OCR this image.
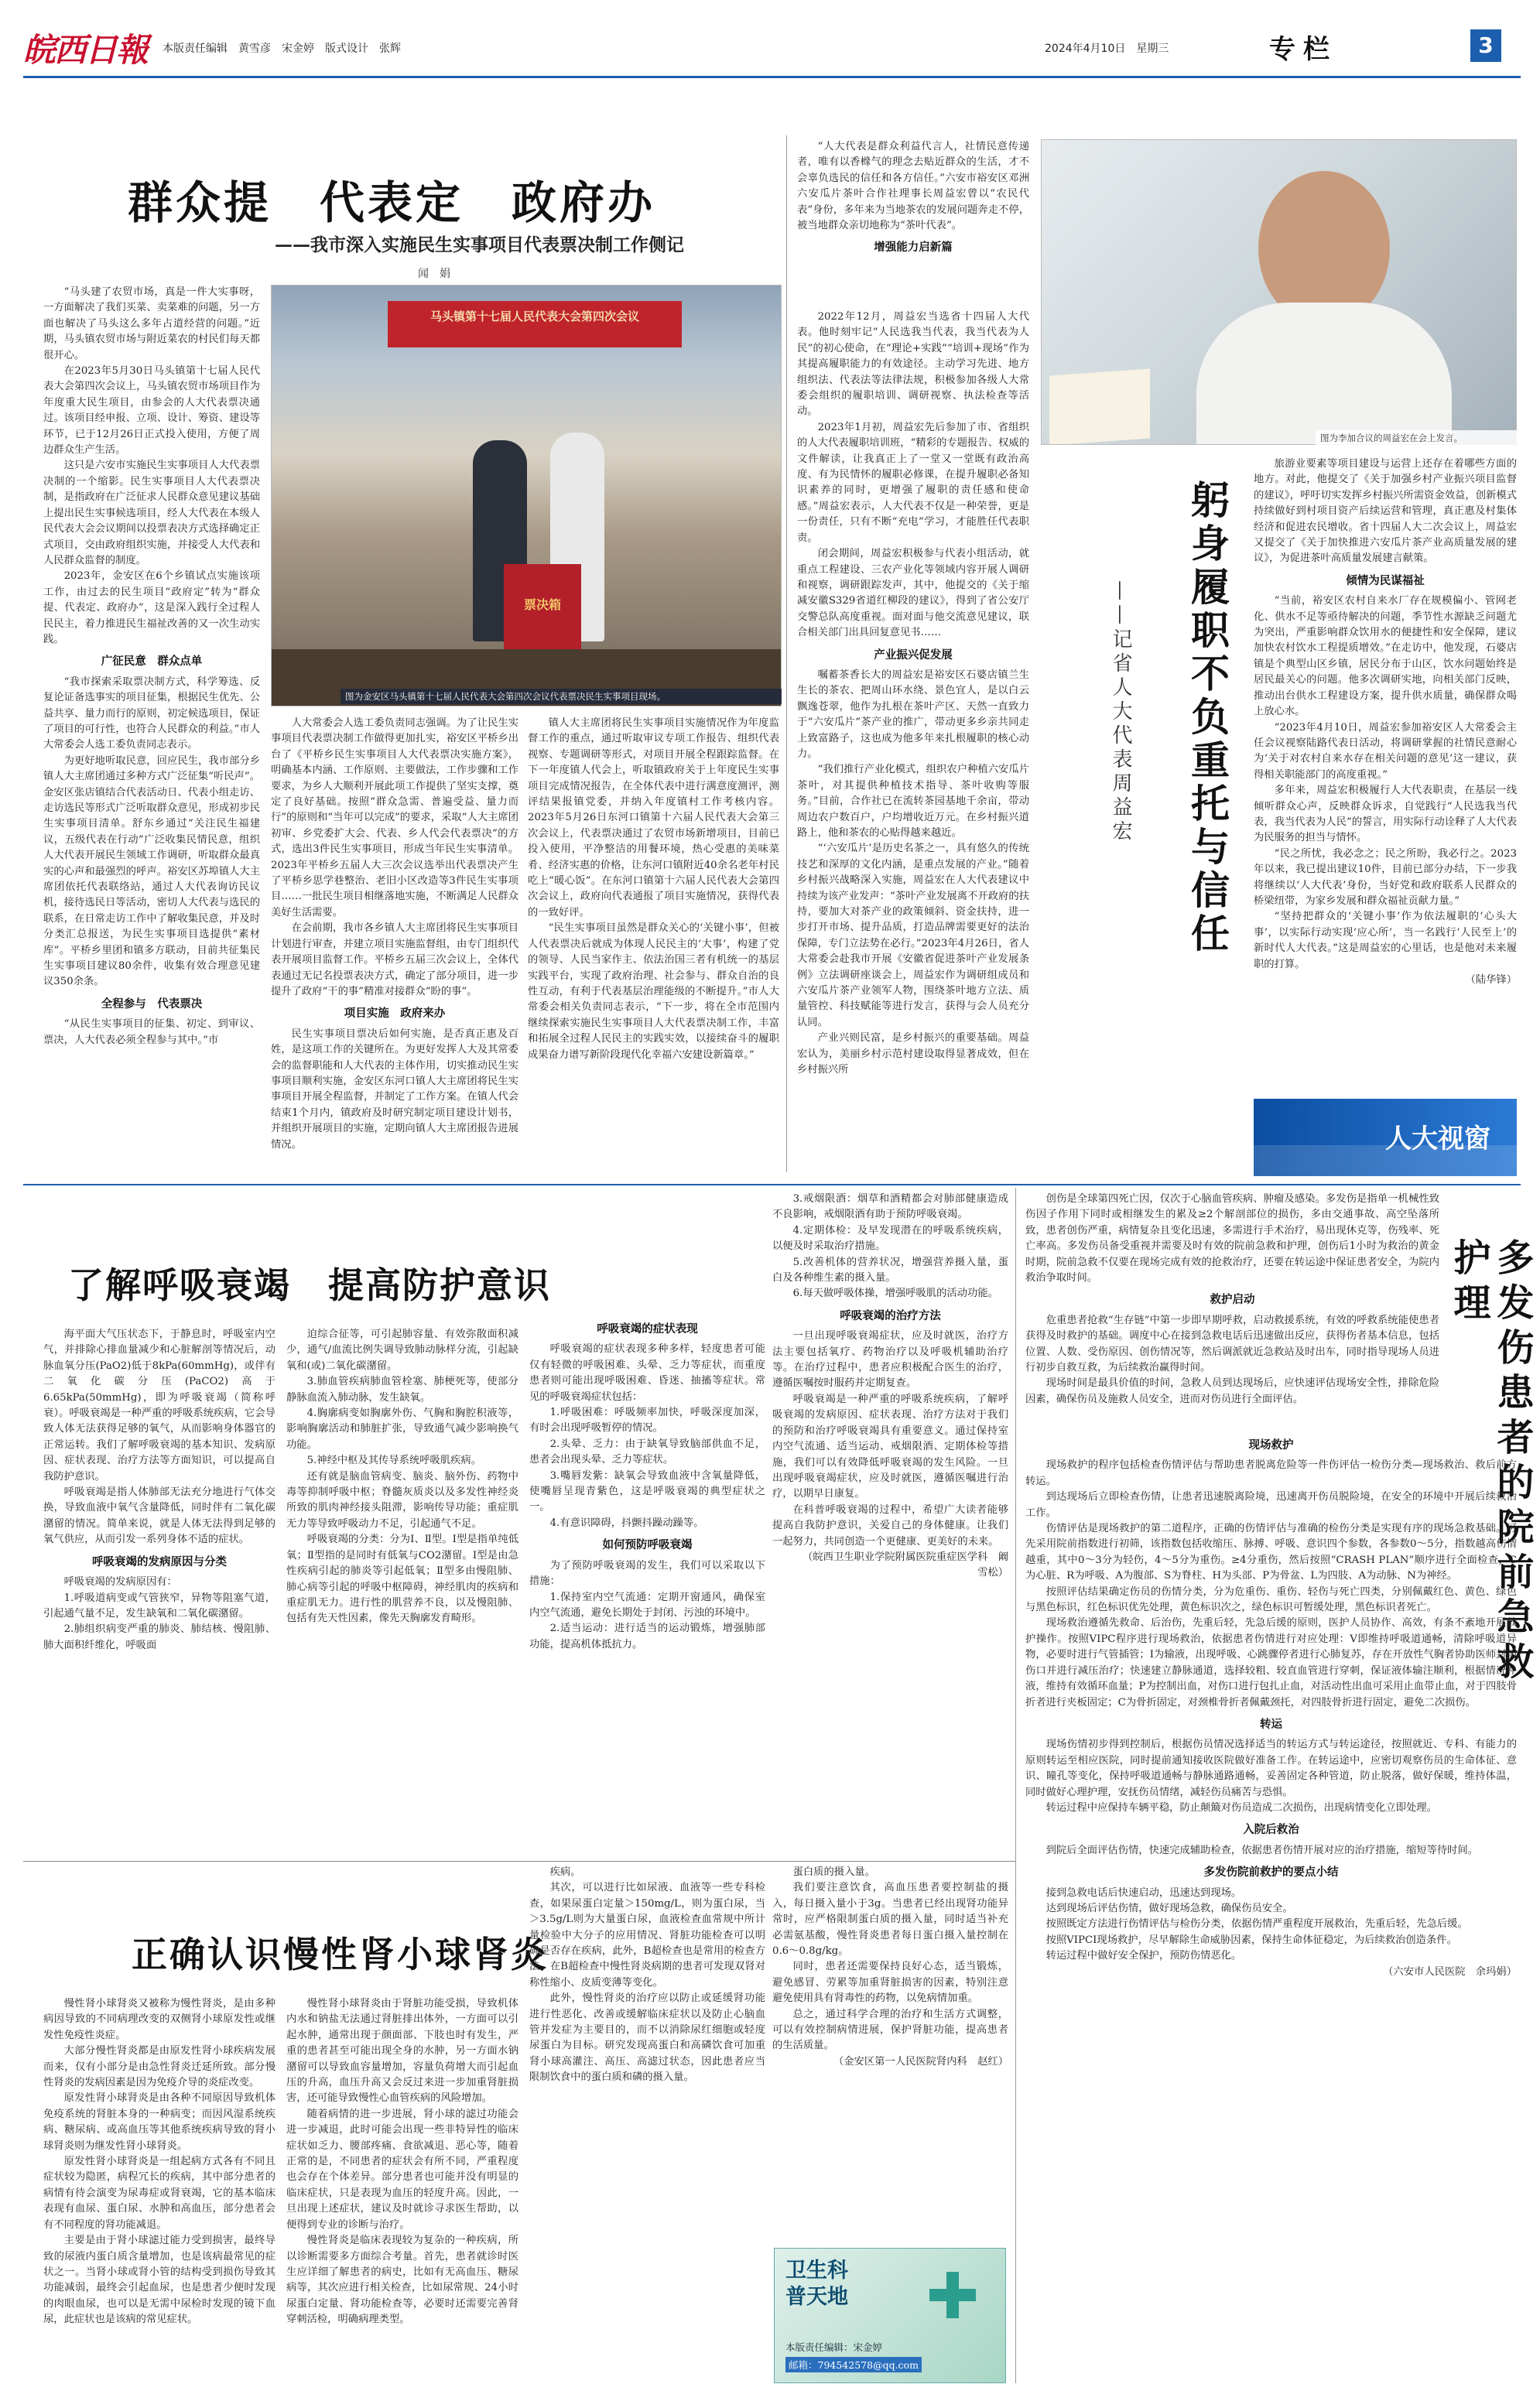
皖西日報 本版责任编辑　黄雪彦　宋金婷　版式设计　张辉	2024年4月10日　星期三	专栏	3
群众提　代表定　政府办
——我市深入实施民生实事项目代表票决制工作侧记
闻　娟

“马头建了农贸市场，真是一件大实事呀，一方面解决了我们买菜、卖菜难的问题，另一方面也解决了马头这么多年占道经营的问题。”近期，马头镇农贸市场与附近菜农的村民们每天都很开心。

在2023年5月30日马头镇第十七届人民代表大会第四次会议上，马头镇农贸市场项目作为年度重大民生项目，由参会的人大代表票决通过。该项目经申报、立项、设计、筹资、建设等环节，已于12月26日正式投入使用，方便了周边群众生产生活。

这只是六安市实施民生实事项目人大代表票决制的一个缩影。民生实事项目人大代表票决制，是指政府在广泛征求人民群众意见建议基础上提出民生实事候选项目，经人大代表在本级人民代表大会会议期间以投票表决方式选择确定正式项目，交由政府组织实施，并接受人大代表和人民群众监督的制度。

2023年，金安区在6个乡镇试点实施该项工作，由过去的民生项目“政府定”转为“群众提、代表定、政府办”，这是深入践行全过程人民民主，着力推进民生福祉改善的又一次生动实践。

广征民意　群众点单

“我市探索采取票决制方式，科学筹选、反复论证备选事实的项目征集，根据民生优先、公益共享、量力而行的原则，初定候选项目，保证了项目的可行性，也符合人民群众的利益。”市人大常委会人选工委负责同志表示。

为更好地听取民意，回应民生，我市部分乡镇人大主席团通过多种方式广泛征集“听民声”。金安区张店镇结合代表活动日、代表小组走访、走访选民等形式广泛听取群众意见，形成初步民生实事项目清单。舒东乡通过“关注民生福建议，五级代表在行动”广泛收集民情民意，组织人大代表开展民生领域工作调研，听取群众最真实的心声和最强烈的呼声。裕安区苏埠镇人大主席团依托代表联络站，通过人大代表询访民议机，接待选民日等活动，密切人大代表与选民的联系，在日常走访工作中了解收集民意，并及时分类汇总报送，为民生实事项目选提供“素材库”。平桥乡里团和镇多方联动，目前共征集民生实事项目建议80余件，收集有效合理意见建议350余条。

全程参与　代表票决

“从民生实事项目的征集、初定、到审议、票决，人大代表必须全程参与其中。”市

马头镇第十七届人民代表大会第四次会议
票决箱
图为金安区马头镇第十七届人民代表大会第四次会议代表票决民生实事项目现场。

人大常委会人选工委负责同志强调。为了让民生实事项目代表票决制工作做得更加扎实，裕安区平桥乡出台了《平桥乡民生实事项目人大代表票决实施方案》，明确基本内涵、工作原则、主要做法，工作步骤和工作要求，为乡人大顺利开展此项工作提供了坚实支撑，奠定了良好基础。按照“群众急需、普遍受益、量力而行”的原则和“当年可以完成”的要求，采取“人大主席团初审、乡党委扩大会、代表、乡人代会代表票决”的方式，选出3件民生实事项目，形成当年民生实事清单。2023年平桥乡五届人大三次会议选举出代表票决产生了平桥乡思学巷整治、老旧小区改造等3件民生实事项目……一批民生项目相继落地实施，不断满足人民群众美好生活需要。

在会前期，我市各乡镇人大主席团将民生实事项目计划进行审查，并建立项目实施监督组，由专门组织代表开展项目监督工作。平桥乡五届三次会议上，全体代表通过无记名投票表决方式，确定了部分项目，进一步提升了政府“干的事”精准对接群众“盼的事”。

项目实施　政府来办

民生实事项目票决后如何实施，是否真正惠及百姓，是这项工作的关键所在。为更好发挥人大及其常委会的监督职能和人大代表的主体作用，切实推动民生实事项目顺利实施，金安区东河口镇人大主席团将民生实事项目开展全程监督，并制定了工作方案。在镇人代会结束1个月内，镇政府及时研究制定项目建设计划书，并组织开展项目的实施，定期向镇人大主席团报告进展情况。

镇人大主席团将民生实事项目实施情况作为年度监督工作的重点，通过听取审议专项工作报告、组织代表视察、专题调研等形式，对项目开展全程跟踪监督。在下一年度镇人代会上，听取镇政府关于上年度民生实事项目完成情况报告，在全体代表中进行满意度测评，测评结果报镇党委，并纳入年度镇村工作考核内容。2023年5月26日东河口镇第十六届人民代表大会第三次会议上，代表票决通过了农贸市场新增项目，目前已投入使用，平净整洁的用餐环境，热心受惠的美味菜肴、经济实惠的价格，让东河口镇附近40余名老年村民吃上“暖心饭”。在东河口镇第十六届人民代表大会第四次会议上，政府向代表通报了项目实施情况，获得代表的一致好评。

“民生实事项目虽然是群众关心的‘关键小事’，但被人代表票决后就成为体现人民民主的‘大事’，构建了党的领导、人民当家作主、依法治国三者有机统一的基层实践平台，实现了政府治理、社会参与、群众自治的良性互动，有利于代表基层治理能级的不断提升。”市人大常委会相关负责同志表示，“下一步，将在全市范围内继续探索实施民生实事项目人大代表票决制工作，丰富和拓展全过程人民民主的实践实效，以接续奋斗的履职成果奋力谱写新阶段现代化幸福六安建设新篇章。”

“人大代表是群众利益代言人，社情民意传递者，唯有以香橼气的理念去贴近群众的生活，才不会辜负选民的信任和各方信任。”六安市裕安区邓洲六安瓜片茶叶合作社理事长周益宏曾以“农民代表”身份，多年来为当地茶农的发展问题奔走不停，被当地群众亲切地称为“茶叶代表”。

增强能力启新篇

2022年12月，周益宏当选省十四届人大代表。他时刻牢记“人民选我当代表，我当代表为人民”的初心使命，在“理论+实践”“培训+现场”作为其提高履职能力的有效途径。主动学习先进、地方组织法、代表法等法律法规，积极参加各级人大常委会组织的履职培训、调研视察、执法检查等活动。

2023年1月初，周益宏先后参加了市、省组织的人大代表履职培训班，“精彩的专题报告、权威的文件解读，让我真正上了一堂又一堂既有政治高度、有为民情怀的履职必修课，在提升履职必备知识素养的同时，更增强了履职的责任感和使命感。”周益宏表示，人大代表不仅是一种荣誉，更是一份责任，只有不断“充电”学习，才能胜任代表职责。

闭会期间，周益宏积极参与代表小组活动，就重点工程建设、三农产业化等领域内容开展人调研和视察，调研跟踪发声，其中，他提交的《关于缩减安徽S329省道红柳段的建议》，得到了省公安厅交警总队高度重视。面对面与他交流意见建议，联合相关部门出具回复意见书……

产业振兴促发展

嘱蓄茶香长大的周益宏是裕安区石婆店镇兰生生长的茶农、把周山环水绕、景色宜人，是以白云飘逸苍翠，他作为扎根在茶叶产区、天然一直致力于“六安瓜片”茶产业的推广，带动更多乡亲共同走上致富路子，这也成为他多年来扎根履职的核心动力。

“我们推行产业化模式，组织农户种植六安瓜片茶叶，对其提供种植技术指导、茶叶收购等服务。”目前，合作社已在流转茶园基地千余亩，带动周边农户数百户，户均增收近万元。在乡村振兴道路上，他和茶农的心贴得越来越近。

“‘六安瓜片’是历史名茶之一，具有悠久的传统技艺和深厚的文化内涵，是重点发展的产业。”随着乡村振兴战略深入实施，周益宏在人大代表建议中持续为该产业发声：“茶叶产业发展离不开政府的扶持，要加大对茶产业的政策倾斜、资金扶持，进一步打开市场、提升品质，打造品牌需要更好的法治保障，专门立法势在必行。”2023年4月26日，省人大常委会赴我市开展《安徽省促进茶叶产业发展条例》立法调研座谈会上，周益宏作为调研组成员和六安瓜片茶产业领军人物，围绕茶叶地方立法、质量管控、科技赋能等进行发言，获得与会人员充分认同。

产业兴则民富，是乡村振兴的重要基础。周益宏认为，美丽乡村示范村建设取得显著成效，但在乡村振兴所

图为李加合议的周益宏在会上发言。
躬身履职不负重托与信任
——记省人大代表周益宏

旅游业要素等项目建设与运营上还存在着哪些方面的地方。对此，他提交了《关于加强乡村产业振兴项目监督的建议》，呼吁切实发挥乡村振兴所需资金效益，创新模式持续做好到村项目资产后续运营和管理，真正惠及村集体经济和促进农民增收。省十四届人大二次会议上，周益宏又提交了《关于加快推进六安瓜片茶产业高质量发展的建议》，为促进茶叶高质量发展建言献策。

倾情为民谋福祉

“当前，裕安区农村自来水厂存在规模偏小、管网老化、供水不足等亟待解决的问题，季节性水源缺乏问题尤为突出，严重影响群众饮用水的便捷性和安全保障，建议加快农村饮水工程提质增效。”在走访中，他发现，石婆店镇是个典型山区乡镇，居民分布于山区，饮水问题始终是居民最关心的问题。他多次调研实地，向相关部门反映，推动出台供水工程建设方案，提升供水质量，确保群众喝上放心水。

“2023年4月10日，周益宏参加裕安区人大常委会主任会议视察陆路代表日活动，将调研掌握的社情民意耐心为‘关于对农村自来水存在相关问题的意见’这一建议，获得相关职能部门的高度重视。”

多年来，周益宏积极履行人大代表职责，在基层一线倾听群众心声，反映群众诉求，自觉践行“人民选我当代表，我当代表为人民”的誓言，用实际行动诠释了人大代表为民服务的担当与情怀。

“民之所忧，我必念之；民之所盼，我必行之。2023年以来，我已提出建议10件，目前已部分办结，下一步我将继续以‘人大代表’身份，当好党和政府联系人民群众的桥梁纽带，为家乡发展和群众福祉贡献力量。”

“坚持把群众的‘关键小事’作为依法履职的‘心头大事’，以实际行动实现‘应心所’，当一名践行‘人民至上’的新时代人大代表。”这是周益宏的心里话，也是他对未来履职的打算。

（陆华锋）

人大视窗
了解呼吸衰竭　提高防护意识

海平面大气压状态下，于静息时，呼吸室内空气，并排除心排血量减少和心脏解剖等情况后，动脉血氧分压(PaO2)低于8kPa(60mmHg)，或伴有二氧化碳分压(PaCO2)高于6.65kPa(50mmHg)，即为呼吸衰竭（简称呼衰）。呼吸衰竭是一种严重的呼吸系统疾病，它会导致人体无法获得足够的氧气，从而影响身体器官的正常运转。我们了解呼吸衰竭的基本知识、发病原因、症状表现、治疗方法等方面知识，可以提高自我防护意识。

呼吸衰竭是指人体肺部无法充分地进行气体交换，导致血液中氧气含量降低，同时伴有二氧化碳潴留的情况。简单来说，就是人体无法得到足够的氧气供应，从而引发一系列身体不适的症状。

呼吸衰竭的发病原因与分类

呼吸衰竭的发病原因有：

1.呼吸道病变或气管狭窄，异物等阻塞气道，引起通气量不足，发生缺氧和二氧化碳潴留。

2.肺组织病变严重的肺炎、肺结核、慢阻肺、肺大面积纤维化，呼吸面

迫综合征等，可引起肺容量、有效弥散面积减少，通气/血流比例失调导致肺动脉样分流，引起缺氧和(或)二氧化碳潴留。

3.肺血管疾病肺血管栓塞、肺梗死等，使部分静脉血流入肺动脉，发生缺氧。

4.胸廓病变如胸廓外伤、气胸和胸腔积液等，影响胸廓活动和肺脏扩张，导致通气减少影响换气功能。

5.神经中枢及其传导系统呼吸肌疾病。

还有就是脑血管病变、脑炎、脑外伤、药物中毒等抑制呼吸中枢；脊髓灰质炎以及多发性神经炎所致的肌肉神经接头阻滞，影响传导功能；重症肌无力等导致呼吸动力不足，引起通气不足。

呼吸衰竭的分类：分为Ⅰ、Ⅱ型。Ⅰ型是指单纯低氧；Ⅱ型指的是同时有低氧与CO2潴留。Ⅰ型是由急性疾病引起的肺炎等引起低氧；Ⅱ型多由慢阻肺、肺心病等引起的呼吸中枢障碍，神经肌肉的疾病和重症肌无力。进行性的肌营养不良，以及慢阻肺、包括有先天性因素，像先天胸廓发育畸形。

呼吸衰竭的症状表现

呼吸衰竭的症状表现多种多样，轻度患者可能仅有轻微的呼吸困难、头晕、乏力等症状，而重度患者则可能出现呼吸困难、昏迷、抽搐等症状。常见的呼吸衰竭症状包括：

1.呼吸困难：呼吸频率加快，呼吸深度加深，有时会出现呼吸暂停的情况。

2.头晕、乏力：由于缺氧导致脑部供血不足，患者会出现头晕、乏力等症状。

3.嘴唇发紫：缺氧会导致血液中含氧量降低，使嘴唇呈现青紫色，这是呼吸衰竭的典型症状之一。

4.有意识障碍，抖颤抖躁动躁等。

如何预防呼吸衰竭

为了预防呼吸衰竭的发生，我们可以采取以下措施：

1.保持室内空气流通：定期开窗通风，确保室内空气流通，避免长期处于封闭、污浊的环境中。

2.适当运动：进行适当的运动锻炼，增强肺部功能，提高机体抵抗力。

3.戒烟限酒：烟草和酒精都会对肺部健康造成不良影响，戒烟限酒有助于预防呼吸衰竭。

4.定期体检：及早发现潜在的呼吸系统疾病，以便及时采取治疗措施。

5.改善机体的营养状况，增强营养摄入量，蛋白及各种维生素的摄入量。

6.每天做呼吸体操，增强呼吸肌的活动功能。

呼吸衰竭的治疗方法

一旦出现呼吸衰竭症状，应及时就医，治疗方法主要包括氧疗、药物治疗以及呼吸机辅助治疗等。在治疗过程中，患者应积极配合医生的治疗，遵循医嘱按时服药并定期复查。

呼吸衰竭是一种严重的呼吸系统疾病，了解呼吸衰竭的发病原因、症状表现、治疗方法对于我们的预防和治疗呼吸衰竭具有重要意义。通过保持室内空气流通、适当运动、戒烟限酒、定期体检等措施，我们可以有效降低呼吸衰竭的发生风险。一旦出现呼吸衰竭症状，应及时就医，遵循医嘱进行治疗，以期早日康复。

在科普呼吸衰竭的过程中，希望广大读者能够提高自我防护意识，关爱自己的身体健康。让我们一起努力，共同创造一个更健康、更美好的未来。

（皖西卫生职业学院附属医院重症医学科　阚雪松）

正确认识慢性肾小球肾炎

慢性肾小球肾炎又被称为慢性肾炎，是由多种病因导致的不同病理改变的双侧肾小球原发性或继发性免疫性炎症。

大部分慢性肾炎都是由原发性肾小球疾病发展而来，仅有小部分是由急性肾炎迁延所致。部分慢性肾炎的发病因素是因为免疫介导的炎症改变。

原发性肾小球肾炎是由各种不同原因导致机体免疫系统的肾脏本身的一种病变；而因风湿系统疾病、糖尿病、或高血压等其他系统疾病导致的肾小球肾炎则为继发性肾小球肾炎。

原发性肾小球肾炎是一组起病方式各有不同且症状较为隐匿，病程冗长的疾病，其中部分患者的病情有待会演变为尿毒症或肾衰竭，它的基本临床表现有血尿、蛋白尿、水肿和高血压，部分患者会有不同程度的肾功能减退。

主要是由于肾小球滤过能力受到损害，最终导致的尿液内蛋白质含量增加，也是该病最常见的症状之一。当肾小球或肾小管的结构受到损伤导致其功能减弱，最终会引起血尿，也是患者少便时发现的肉眼血尿，也可以是无需中尿检时发现的镜下血尿，此症状也是该病的常见症状。

慢性肾小球肾炎由于肾脏功能受损，导致机体内水和钠盐无法通过肾脏排出体外，一方面可以引起水肿，通常出现于颜面部、下肢也时有发生，严重的患者甚至可能出现全身的水肿，另一方面水钠潴留可以导致血容量增加，容量负荷增大而引起血压的升高，血压升高又会反过来进一步加重肾脏损害，还可能导致慢性心血管疾病的风险增加。

随着病情的进一步进展，肾小球的滤过功能会进一步减退，此时可能会出现一些非特异性的临床症状如乏力、腰部疼痛、食欲减退、恶心等，随着正常的是，不同患者的症状会有所不同，严重程度也会存在个体差异。部分患者也可能并没有明显的临床症状，只是表现为血压的轻度升高。因此，一旦出现上述症状，建议及时就诊寻求医生帮助，以便得到专业的诊断与治疗。

慢性肾炎是临床表现较为复杂的一种疾病，所以诊断需要多方面综合考量。首先，患者就诊时医生应详细了解患者的病史，比如有无高血压、糖尿病等，其次应进行相关检查，比如尿常规、24小时尿蛋白定量、肾功能检查等，必要时还需要完善肾穿刺活检，明确病理类型。

疾病。

其次，可以进行比如尿液、血液等一些专科检查，如果尿蛋白定量＞150mg/L，则为蛋白尿，当＞3.5g/L则为大量蛋白尿，血液检查血常规中所计量检验中大分子的应用情况、肾脏功能检查可以明确是否存在疾病，此外，B超检查也是常用的检查方法。在B超检查中慢性肾炎病期的患者可发现双肾对称性缩小、皮质变薄等变化。

此外，慢性肾炎的治疗应以防止或延缓肾功能进行性恶化、改善或缓解临床症状以及防止心脑血管并发症为主要目的，而不以消除尿红细胞或轻度尿蛋白为目标。研究发现高蛋白和高磷饮食可加重肾小球高灌注、高压、高滤过状态，因此患者应当限制饮食中的蛋白质和磷的摄入量。

蛋白质的摄入量。

我们要注意饮食，高血压患者要控制盐的摄入，每日摄入量小于3g。当患者已经出现肾功能异常时，应严格限制蛋白质的摄入量，同时适当补充必需氨基酸，慢性肾炎患者每日蛋白摄入量控制在0.6～0.8g/kg。

同时，患者还需要保持良好心态，适当锻炼，避免感冒、劳累等加重肾脏损害的因素，特别注意避免使用具有肾毒性的药物，以免病情加重。

总之，通过科学合理的治疗和生活方式调整，可以有效控制病情进展，保护肾脏功能，提高患者的生活质量。

（金安区第一人民医院肾内科　赵红）

卫生科普天地
本版责任编辑：宋金婷
邮箱：794542578@qq.com

创伤是全球第四死亡因，仅次于心脑血管疾病、肿瘤及感染。多发伤是指单一机械性致伤因子作用下同时或相继发生的累及≥2个解剖部位的损伤，多由交通事故、高空坠落所致，患者创伤严重，病情复杂且变化迅速，多需进行手术治疗，易出现休克等，伤残率、死亡率高。多发伤员备受重视并需要及时有效的院前急救和护理，创伤后1小时为救治的黄金时期，院前急救不仅要在现场完成有效的抢救治疗，还要在转运途中保证患者安全，为院内救治争取时间。

救护启动

危重患者抢救“生存链”中第一步即早期呼救，启动救援系统，有效的呼救系统能使患者获得及时救护的基础。调度中心在接到急救电话后迅速做出反应，获得伤者基本信息，包括位置、人数、受伤原因、创伤情况等，然后调派就近急救站及时出车，同时指导现场人员进行初步自救互救，为后续救治赢得时间。

现场时间是最具价值的时间，急救人员到达现场后，应快速评估现场安全性，排除危险因素，确保伤员及施救人员安全，进而对伤员进行全面评估。	多发伤患者的院前急救护理
现场救护

现场救护的程序包括检查伤情评估与帮助患者脱离危险等一件伤评估一检伤分类—现场救治、救后前方转运。

到达现场后立即检查伤情，让患者迅速脱离险境，迅速离开伤员脱险境，在安全的环境中开展后续救治工作。

伤情评估是现场救护的第二道程序，正确的伤情评估与准确的检伤分类是实现有序的现场急救基础。可先采用院前指数进行初筛，该指数包括收缩压、脉搏、呼吸、意识四个参数，各参数0～5分，指数越高伤情越重，其中0～3分为轻伤，4～5分为重伤。≥4分重伤，然后按照“CRASH PLAN”顺序进行全面检查，C为心脏、R为呼吸、A为腹部、S为脊柱、H为头部、P为骨盆、L为四肢、A为动脉、N为神经。

按照评估结果确定伤员的伤情分类，分为危重伤、重伤、轻伤与死亡四类，分别佩戴红色、黄色、绿色与黑色标识，红色标识优先处理，黄色标识次之，绿色标识可暂缓处理，黑色标识者死亡。

现场救治遵循先救命、后治伤，先重后轻，先急后缓的原则，医护人员协作、高效，有条不紊地开展救护操作。按照VIPC程序进行现场救治，依据患者伤情进行对应处理：V即维持呼吸道通畅，清除呼吸道异物，必要时进行气管插管；I为输液，出现呼吸、心跳骤停者进行心肺复苏，存在开放性气胸者协助医师封闭伤口并进行减压治疗；快速建立静脉通道，选择较粗、较直血管进行穿刺，保证液体输注顺利，根据情况补液，维持有效循环血量；P为控制出血，对伤口进行包扎止血，对活动性出血可采用止血带止血，对于四肢骨折者进行夹板固定；C为骨折固定，对颈椎骨折者佩戴颈托，对四肢骨折进行固定，避免二次损伤。

转运

现场伤情初步得到控制后，根据伤员情况选择适当的转运方式与转运途径，按照就近、专科、有能力的原则转运至相应医院，同时提前通知接收医院做好准备工作。在转运途中，应密切观察伤员的生命体征、意识、瞳孔等变化，保持呼吸道通畅与静脉通路通畅，妥善固定各种管道，防止脱落，做好保暖，维持体温，同时做好心理护理，安抚伤员情绪，减轻伤员痛苦与恐惧。

转运过程中应保持车辆平稳，防止颠簸对伤员造成二次损伤，出现病情变化立即处理。

入院后救治

到院后全面评估伤情，快速完成辅助检查，依据患者伤情开展对应的治疗措施，缩短等待时间。

多发伤院前救护的要点小结

接到急救电话后快速启动，迅速达到现场。

达到现场后评估伤情，做好现场急救，确保伤员安全。

按照既定方法进行伤情评估与检伤分类，依据伤情严重程度开展救治，先重后轻，先急后缓。

按照VIPCI现场救护，尽早解除生命威胁因素，保持生命体征稳定，为后续救治创造条件。

转运过程中做好安全保护，预防伤情恶化。

（六安市人民医院　余玛娟）
